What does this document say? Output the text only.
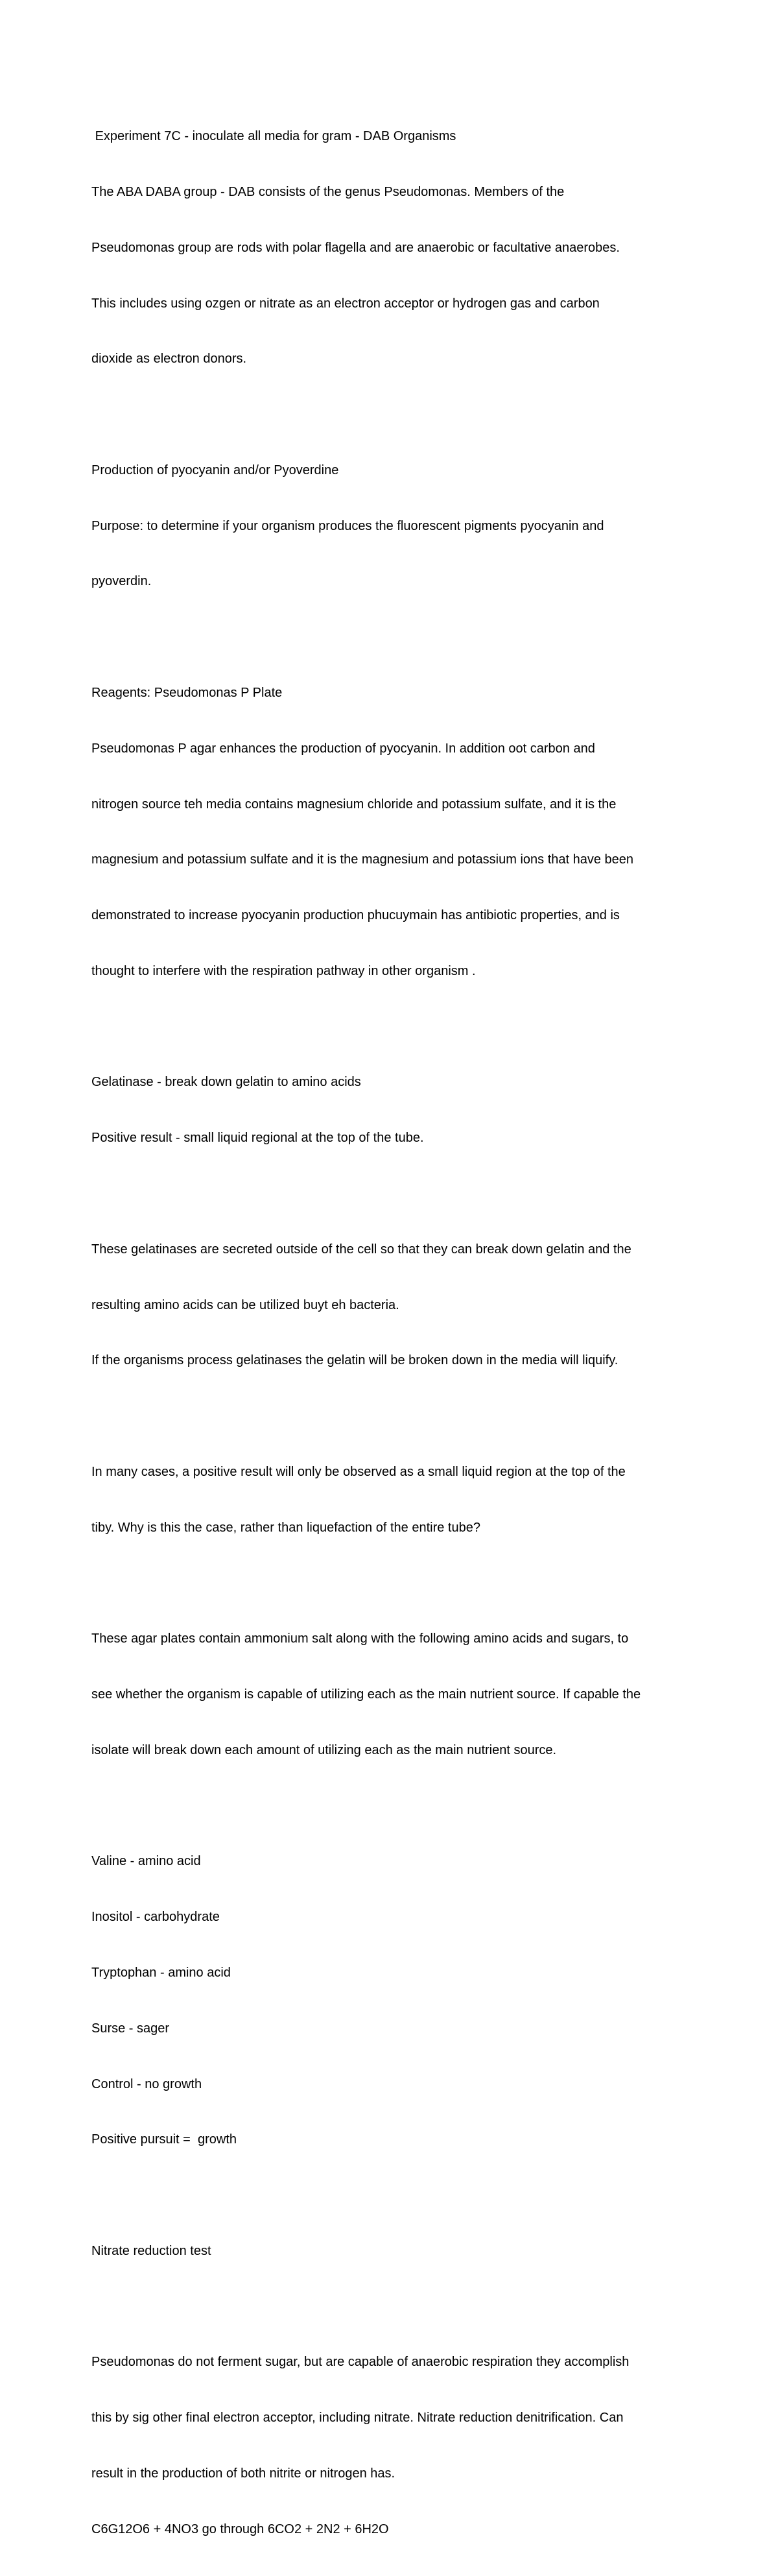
Experiment 7C - inoculate all media for gram - DAB Organisms

The ABA DABA group - DAB consists of the genus Pseudomonas. Members of the

Pseudomonas group are rods with polar flagella and are anaerobic or facultative anaerobes.

This includes using ozgen or nitrate as an electron acceptor or hydrogen gas and carbon

dioxide as electron donors.

Production of pyocyanin and/or Pyoverdine

Purpose: to determine if your organism produces the fluorescent pigments pyocyanin and

pyoverdin.

Reagents: Pseudomonas P Plate

Pseudomonas P agar enhances the production of pyocyanin. In addition oot carbon and

nitrogen source teh media contains magnesium chloride and potassium sulfate, and it is the

magnesium and potassium sulfate and it is the magnesium and potassium ions that have been

demonstrated to increase pyocyanin production phucuymain has antibiotic properties, and is

thought to interfere with the respiration pathway in other organism .

Gelatinase - break down gelatin to amino acids

Positive result - small liquid regional at the top of the tube.

These gelatinases are secreted outside of the cell so that they can break down gelatin and the

resulting amino acids can be utilized buyt eh bacteria.

If the organisms process gelatinases the gelatin will be broken down in the media will liquify.

In many cases, a positive result will only be observed as a small liquid region at the top of the

tiby. Why is this the case, rather than liquefaction of the entire tube?

These agar plates contain ammonium salt along with the following amino acids and sugars, to

see whether the organism is capable of utilizing each as the main nutrient source. If capable the

isolate will break down each amount of utilizing each as the main nutrient source.

Valine - amino acid

Inositol - carbohydrate

Tryptophan - amino acid

Surse - sager

Control - no growth

Positive pursuit =  growth

Nitrate reduction test

Pseudomonas do not ferment sugar, but are capable of anaerobic respiration they accomplish

this by sig other final electron acceptor, including nitrate. Nitrate reduction denitrification. Can

result in the production of both nitrite or nitrogen has.

C6G12O6 + 4NO3 go through 6CO2 + 2N2 + 6H2O
